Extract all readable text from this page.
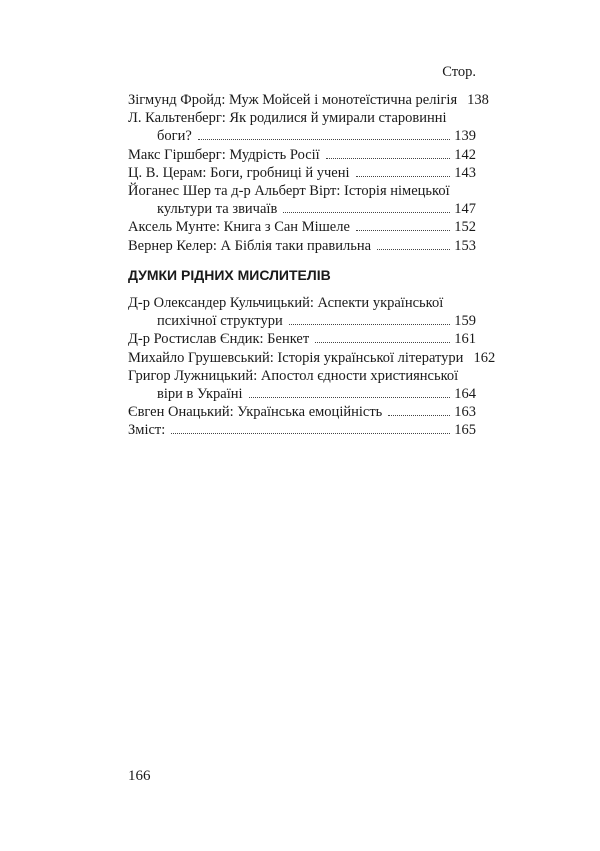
Стор.
Зігмунд Фройд: Муж Мойсей і монотеїстична релігія 138
Л. Кальтенберг: Як родилися й умирали старовинні
боги?	139
Макс Гіршберг: Мудрість Росії	142
Ц. В. Церам: Боги, гробниці й учені	143
Йоганес Шер та д-р Альберт Вірт: Історія німецької
культури та звичаїв	147
Аксель Мунте: Книга з Сан Мішеле	152
Вернер Келер: А Біблія таки правильна	153
ДУМКИ РІДНИХ МИСЛИТЕЛІВ
Д-р Олександер Кульчицький: Аспекти української
психічної структури	159
Д-р Ростислав Єндик: Бенкет	161
Михайло Грушевський: Історія української літератури 162
Григор Лужницький: Апостол єдности християнської
віри в Україні	164
Євген Онацький: Українська емоційність	163
Зміст:	165
166
